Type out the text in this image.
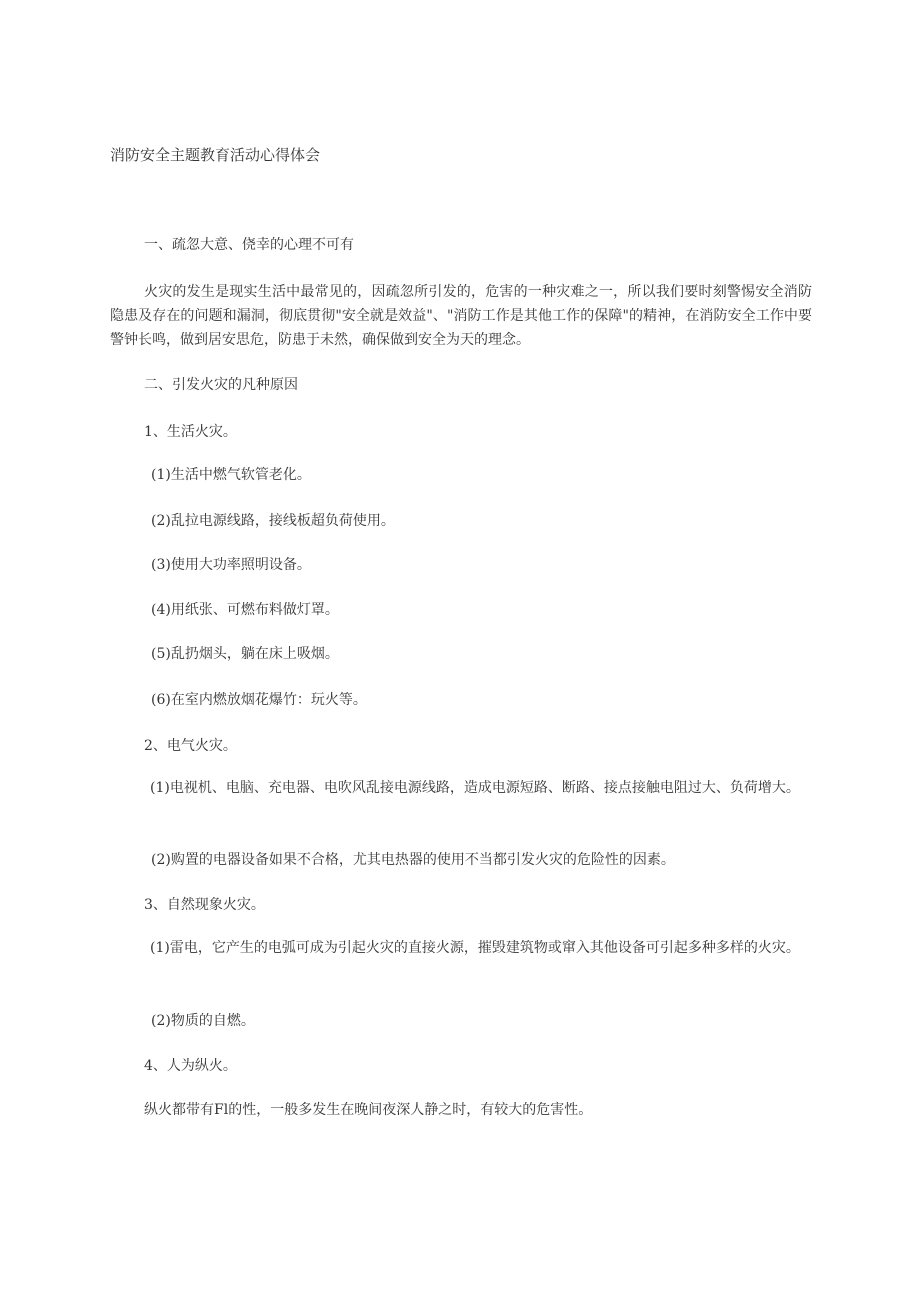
消防安全主题教育活动心得体会
一、疏忽大意、侥幸的心理不可有
火灾的发生是现实生活中最常见的，因疏忽所引发的，危害的一种灾难之一，所以我们要时刻警惕安全消防隐患及存在的问题和漏洞，彻底贯彻"安全就是效益"、"消防工作是其他工作的保障"的精神，在消防安全工作中要警钟长鸣，做到居安思危，防患于未然，确保做到安全为天的理念。
二、引发火灾的凡种原因
1、生活火灾。
(1)生活中燃气软管老化。
(2)乱拉电源线路，接线板超负荷使用。
(3)使用大功率照明设备。
(4)用纸张、可燃布料做灯罩。
(5)乱扔烟头，躺在床上吸烟。
(6)在室内燃放烟花爆竹：玩火等。
2、电气火灾。
(1)电视机、电脑、充电器、电吹风乱接电源线路，造成电源短路、断路、接点接触电阻过大、负荷增大。
(2)购置的电器设备如果不合格，尤其电热器的使用不当都引发火灾的危险性的因素。
3、自然现象火灾。
(1)雷电，它产生的电弧可成为引起火灾的直接火源，摧毁建筑物或窜入其他设备可引起多种多样的火灾。
(2)物质的自燃。
4、人为纵火。
纵火都带有Fl的性，一般多发生在晚间夜深人静之时，有较大的危害性。
